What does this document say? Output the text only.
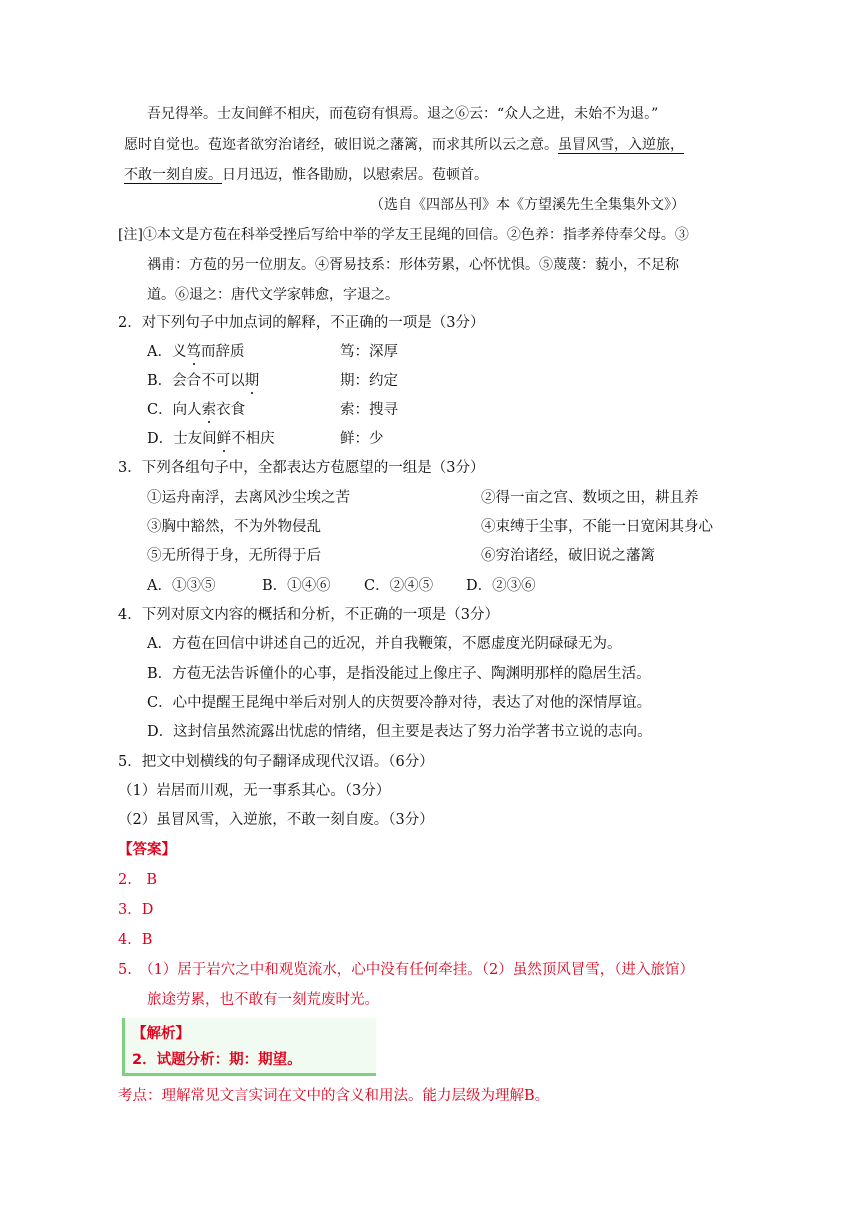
吾兄得举。士友间鲜不相庆，而苞窃有惧焉。退之⑥云：“众人之进，未始不为退。”
愿时自觉也。苞迩者欲穷治诸经，破旧说之藩篱，而求其所以云之意。虽冒风雪，入逆旅，
不敢一刻自废。日月迅迈，惟各勖励，以慰索居。苞顿首。
（选自《四部丛刊》本《方望溪先生全集集外文》）
[注]①本文是方苞在科举受挫后写给中举的学友王昆绳的回信。②色养：指孝养侍奉父母。③
禑甫：方苞的另一位朋友。④胥易技系：形体劳累，心怀忧惧。⑤蔑蔑：藐小，不足称
道。⑥退之：唐代文学家韩愈，字退之。
2．对下列句子中加点词的解释，不正确的一项是（3分）
A．义笃而辞质	笃：深厚
B．会合不可以期	期：约定
C．向人索衣食	索：搜寻
D．士友间鲜不相庆	鲜：少
3．下列各组句子中，全都表达方苞愿望的一组是（3分）
①运舟南浮，去离风沙尘埃之苦	②得一亩之宫、数顷之田，耕且养
③胸中豁然，不为外物侵乱	④束缚于尘事，不能一日宽闲其身心
⑤无所得于身，无所得于后	⑥穷治诸经，破旧说之藩篱
A．①③⑤	B．①④⑥ C．②④⑤ D．②③⑥
4．下列对原文内容的概括和分析，不正确的一项是（3分）
A．方苞在回信中讲述自己的近况，并自我鞭策，不愿虚度光阴碌碌无为。
B．方苞无法告诉僮仆的心事，是指没能过上像庄子、陶渊明那样的隐居生活。
C．心中提醒王昆绳中举后对别人的庆贺要冷静对待，表达了对他的深情厚谊。
D．这封信虽然流露出忧虑的情绪，但主要是表达了努力治学著书立说的志向。
5．把文中划横线的句子翻译成现代汉语。（6分）
（1）岩居而川观，无一事系其心。（3分）
（2）虽冒风雪，入逆旅，不敢一刻自废。（3分）
【答案】
2.　B
3．D
4．B
5.　（1）居于岩穴之中和观览流水，心中没有任何牵挂。（2）虽然顶风冒雪，（进入旅馆）
旅途劳累，也不敢有一刻荒废时光。
【解析】
2．试题分析：期：期望。
考点：理解常见文言实词在文中的含义和用法。能力层级为理解B。
